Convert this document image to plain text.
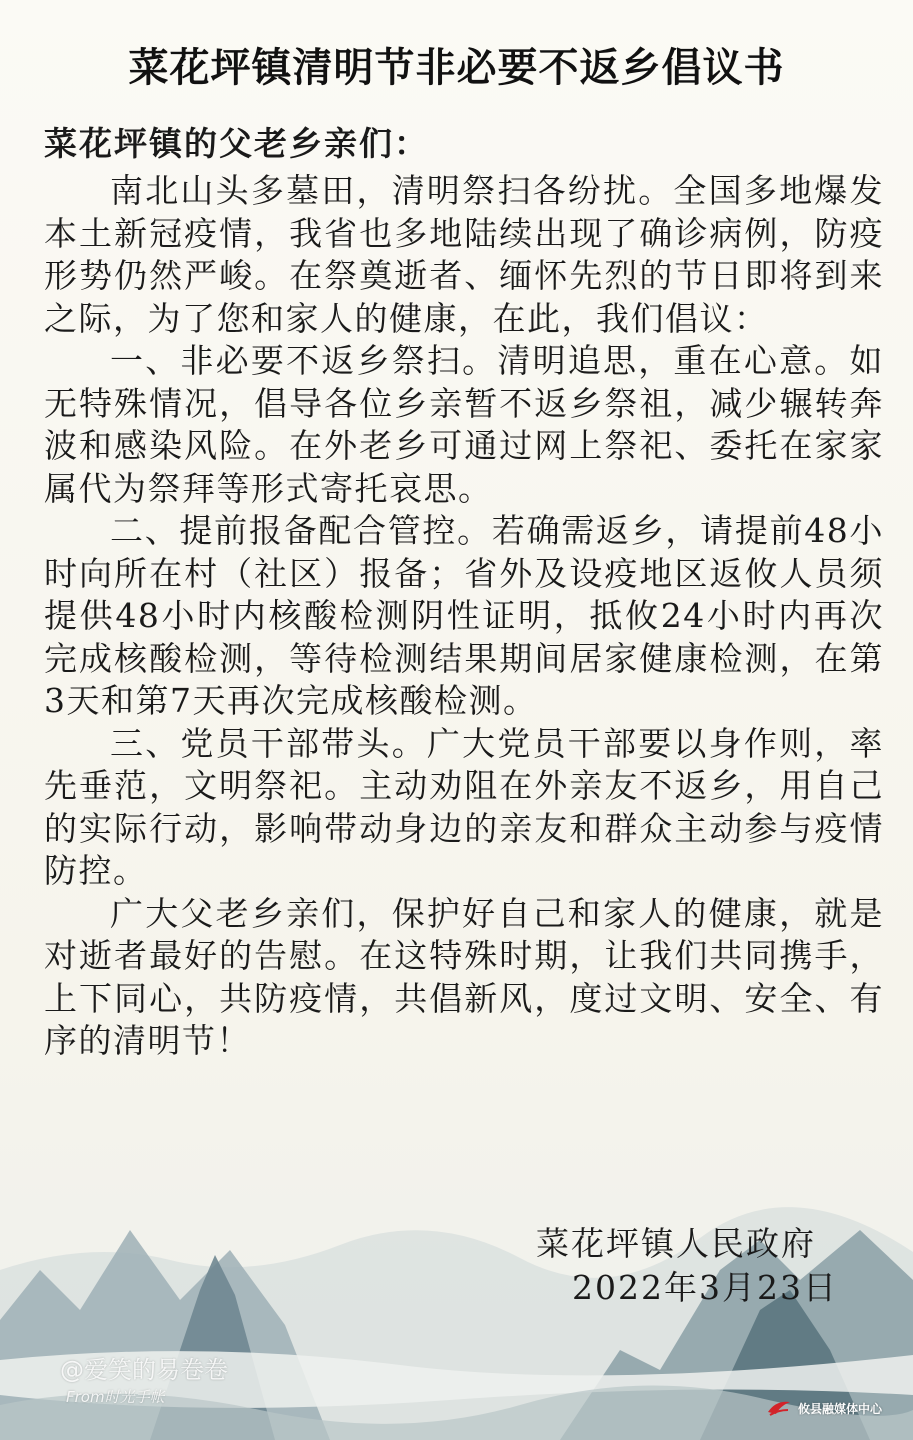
菜花坪镇清明节非必要不返乡倡议书
菜花坪镇的父老乡亲们：

南北山头多墓田，清明祭扫各纷扰。全国多地爆发本土新冠疫情，我省也多地陆续出现了确诊病例，防疫形势仍然严峻。在祭奠逝者、缅怀先烈的节日即将到来之际，为了您和家人的健康，在此，我们倡议：

一、非必要不返乡祭扫。清明追思，重在心意。如无特殊情况，倡导各位乡亲暂不返乡祭祖，减少辗转奔波和感染风险。在外老乡可通过网上祭祀、委托在家家属代为祭拜等形式寄托哀思。

二、提前报备配合管控。若确需返乡，请提前48小时向所在村（社区）报备；省外及设疫地区返攸人员须提供48小时内核酸检测阴性证明，抵攸24小时内再次完成核酸检测，等待检测结果期间居家健康检测，在第3天和第7天再次完成核酸检测。

三、党员干部带头。广大党员干部要以身作则，率先垂范，文明祭祀。主动劝阻在外亲友不返乡，用自己的实际行动，影响带动身边的亲友和群众主动参与疫情防控。

广大父老乡亲们，保护好自己和家人的健康，就是对逝者最好的告慰。在这特殊时期，让我们共同携手，上下同心，共防疫情，共倡新风，度过文明、安全、有序的清明节！

菜花坪镇人民政府
2022年3月23日
@爱笑的易卷卷
From时光手帐
攸县融媒体中心
